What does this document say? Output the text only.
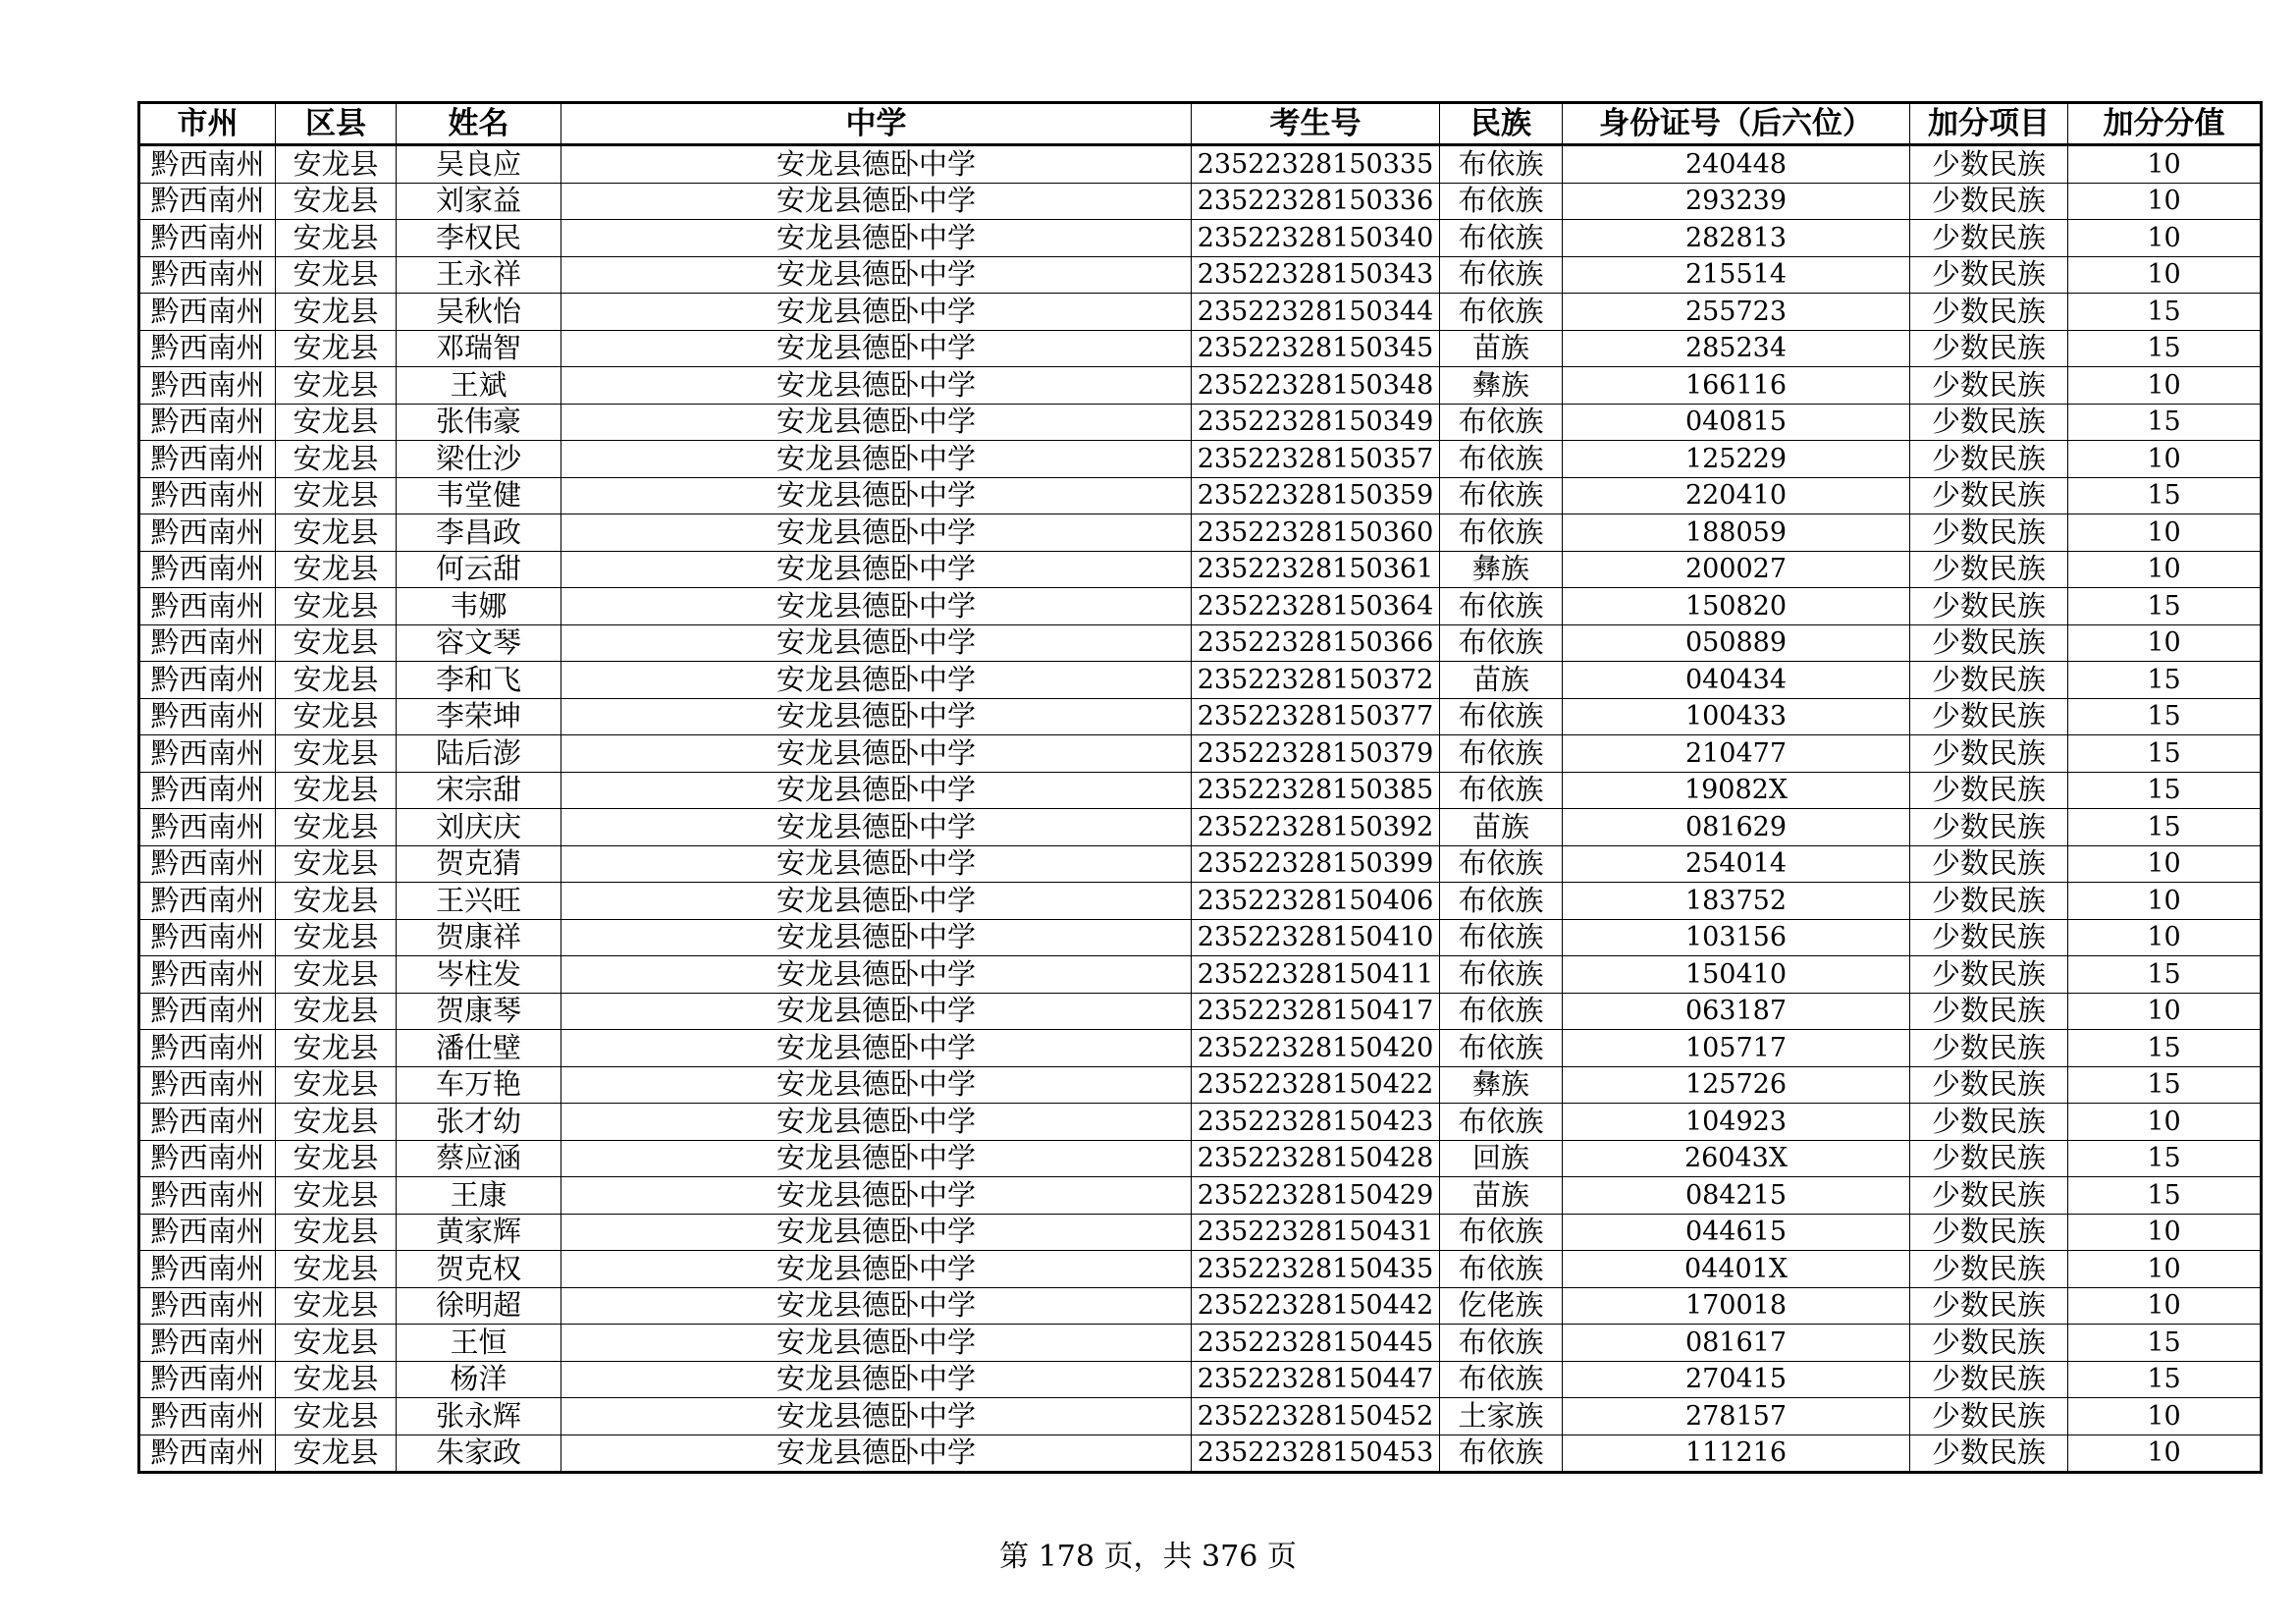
市州	区县	姓名	中学	考生号	民族	身份证号（后六位）	加分项目	加分分值
黔西南州	安龙县	吴良应	安龙县德卧中学	23522328150335	布依族	240448	少数民族	10
黔西南州	安龙县	刘家益	安龙县德卧中学	23522328150336	布依族	293239	少数民族	10
黔西南州	安龙县	李权民	安龙县德卧中学	23522328150340	布依族	282813	少数民族	10
黔西南州	安龙县	王永祥	安龙县德卧中学	23522328150343	布依族	215514	少数民族	10
黔西南州	安龙县	吴秋怡	安龙县德卧中学	23522328150344	布依族	255723	少数民族	15
黔西南州	安龙县	邓瑞智	安龙县德卧中学	23522328150345	苗族	285234	少数民族	15
黔西南州	安龙县	王斌	安龙县德卧中学	23522328150348	彝族	166116	少数民族	10
黔西南州	安龙县	张伟豪	安龙县德卧中学	23522328150349	布依族	040815	少数民族	15
黔西南州	安龙县	梁仕沙	安龙县德卧中学	23522328150357	布依族	125229	少数民族	10
黔西南州	安龙县	韦堂健	安龙县德卧中学	23522328150359	布依族	220410	少数民族	15
黔西南州	安龙县	李昌政	安龙县德卧中学	23522328150360	布依族	188059	少数民族	10
黔西南州	安龙县	何云甜	安龙县德卧中学	23522328150361	彝族	200027	少数民族	10
黔西南州	安龙县	韦娜	安龙县德卧中学	23522328150364	布依族	150820	少数民族	15
黔西南州	安龙县	容文琴	安龙县德卧中学	23522328150366	布依族	050889	少数民族	10
黔西南州	安龙县	李和飞	安龙县德卧中学	23522328150372	苗族	040434	少数民族	15
黔西南州	安龙县	李荣坤	安龙县德卧中学	23522328150377	布依族	100433	少数民族	15
黔西南州	安龙县	陆后澎	安龙县德卧中学	23522328150379	布依族	210477	少数民族	15
黔西南州	安龙县	宋宗甜	安龙县德卧中学	23522328150385	布依族	19082X	少数民族	15
黔西南州	安龙县	刘庆庆	安龙县德卧中学	23522328150392	苗族	081629	少数民族	15
黔西南州	安龙县	贺克猜	安龙县德卧中学	23522328150399	布依族	254014	少数民族	10
黔西南州	安龙县	王兴旺	安龙县德卧中学	23522328150406	布依族	183752	少数民族	10
黔西南州	安龙县	贺康祥	安龙县德卧中学	23522328150410	布依族	103156	少数民族	10
黔西南州	安龙县	岑柱发	安龙县德卧中学	23522328150411	布依族	150410	少数民族	15
黔西南州	安龙县	贺康琴	安龙县德卧中学	23522328150417	布依族	063187	少数民族	10
黔西南州	安龙县	潘仕壁	安龙县德卧中学	23522328150420	布依族	105717	少数民族	15
黔西南州	安龙县	车万艳	安龙县德卧中学	23522328150422	彝族	125726	少数民族	15
黔西南州	安龙县	张才幼	安龙县德卧中学	23522328150423	布依族	104923	少数民族	10
黔西南州	安龙县	蔡应涵	安龙县德卧中学	23522328150428	回族	26043X	少数民族	15
黔西南州	安龙县	王康	安龙县德卧中学	23522328150429	苗族	084215	少数民族	15
黔西南州	安龙县	黄家辉	安龙县德卧中学	23522328150431	布依族	044615	少数民族	10
黔西南州	安龙县	贺克权	安龙县德卧中学	23522328150435	布依族	04401X	少数民族	10
黔西南州	安龙县	徐明超	安龙县德卧中学	23522328150442	仡佬族	170018	少数民族	10
黔西南州	安龙县	王恒	安龙县德卧中学	23522328150445	布依族	081617	少数民族	15
黔西南州	安龙县	杨洋	安龙县德卧中学	23522328150447	布依族	270415	少数民族	15
黔西南州	安龙县	张永辉	安龙县德卧中学	23522328150452	土家族	278157	少数民族	10
黔西南州	安龙县	朱家政	安龙县德卧中学	23522328150453	布依族	111216	少数民族	10
第 178 页，共 376 页
